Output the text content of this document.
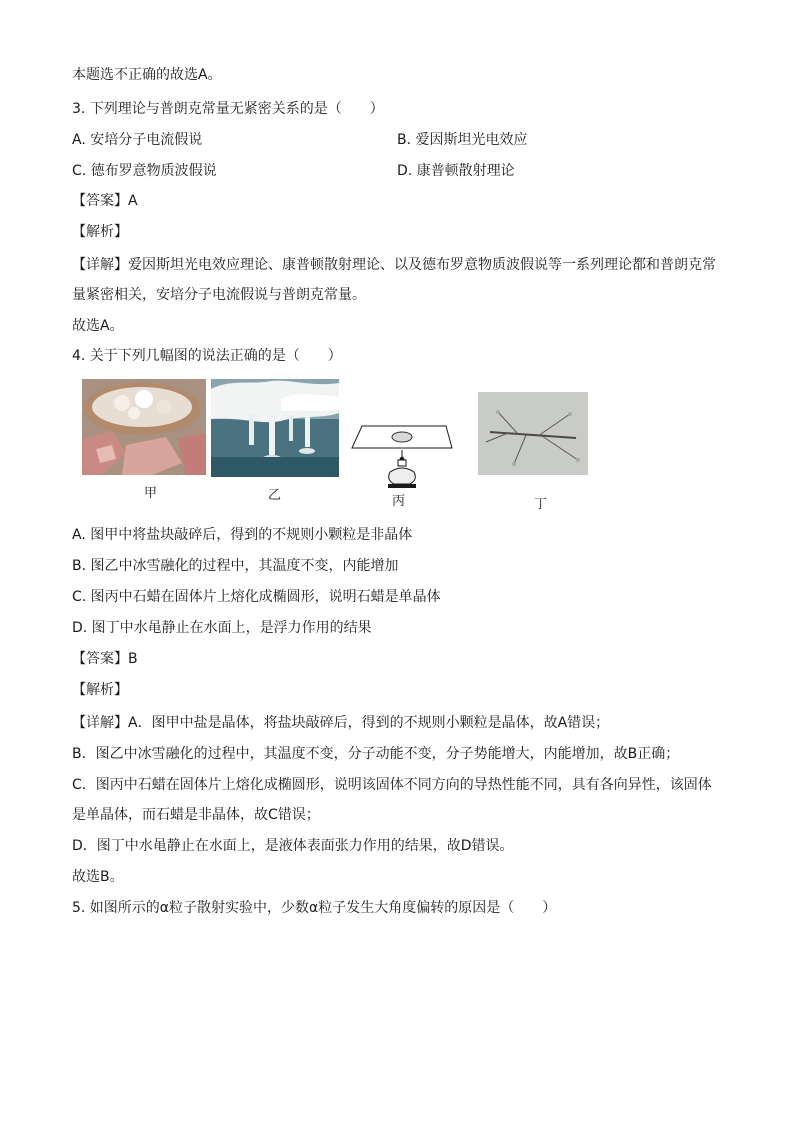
本题选不正确的故选A。
3. 下列理论与普朗克常量无紧密关系的是（　　）
A. 安培分子电流假说	B. 爱因斯坦光电效应
C. 德布罗意物质波假说	D. 康普顿散射理论
【答案】A
【解析】
【详解】爱因斯坦光电效应理论、康普顿散射理论、以及德布罗意物质波假说等一系列理论都和普朗克常
量紧密相关，安培分子电流假说与普朗克常量。
故选A。
4. 关于下列几幅图的说法正确的是（　　）
甲	乙	丙	丁
A. 图甲中将盐块敲碎后，得到的不规则小颗粒是非晶体
B. 图乙中冰雪融化的过程中，其温度不变，内能增加
C. 图丙中石蜡在固体片上熔化成椭圆形，说明石蜡是单晶体
D. 图丁中水黾静止在水面上，是浮力作用的结果
【答案】B
【解析】
【详解】A．图甲中盐是晶体，将盐块敲碎后，得到的不规则小颗粒是晶体，故A错误；
B．图乙中冰雪融化的过程中，其温度不变，分子动能不变，分子势能增大，内能增加，故B正确；
C．图丙中石蜡在固体片上熔化成椭圆形，说明该固体不同方向的导热性能不同，具有各向异性，该固体
是单晶体，而石蜡是非晶体，故C错误；
D．图丁中水黾静止在水面上，是液体表面张力作用的结果，故D错误。
故选B。
5. 如图所示的α粒子散射实验中，少数α粒子发生大角度偏转的原因是（　　）
